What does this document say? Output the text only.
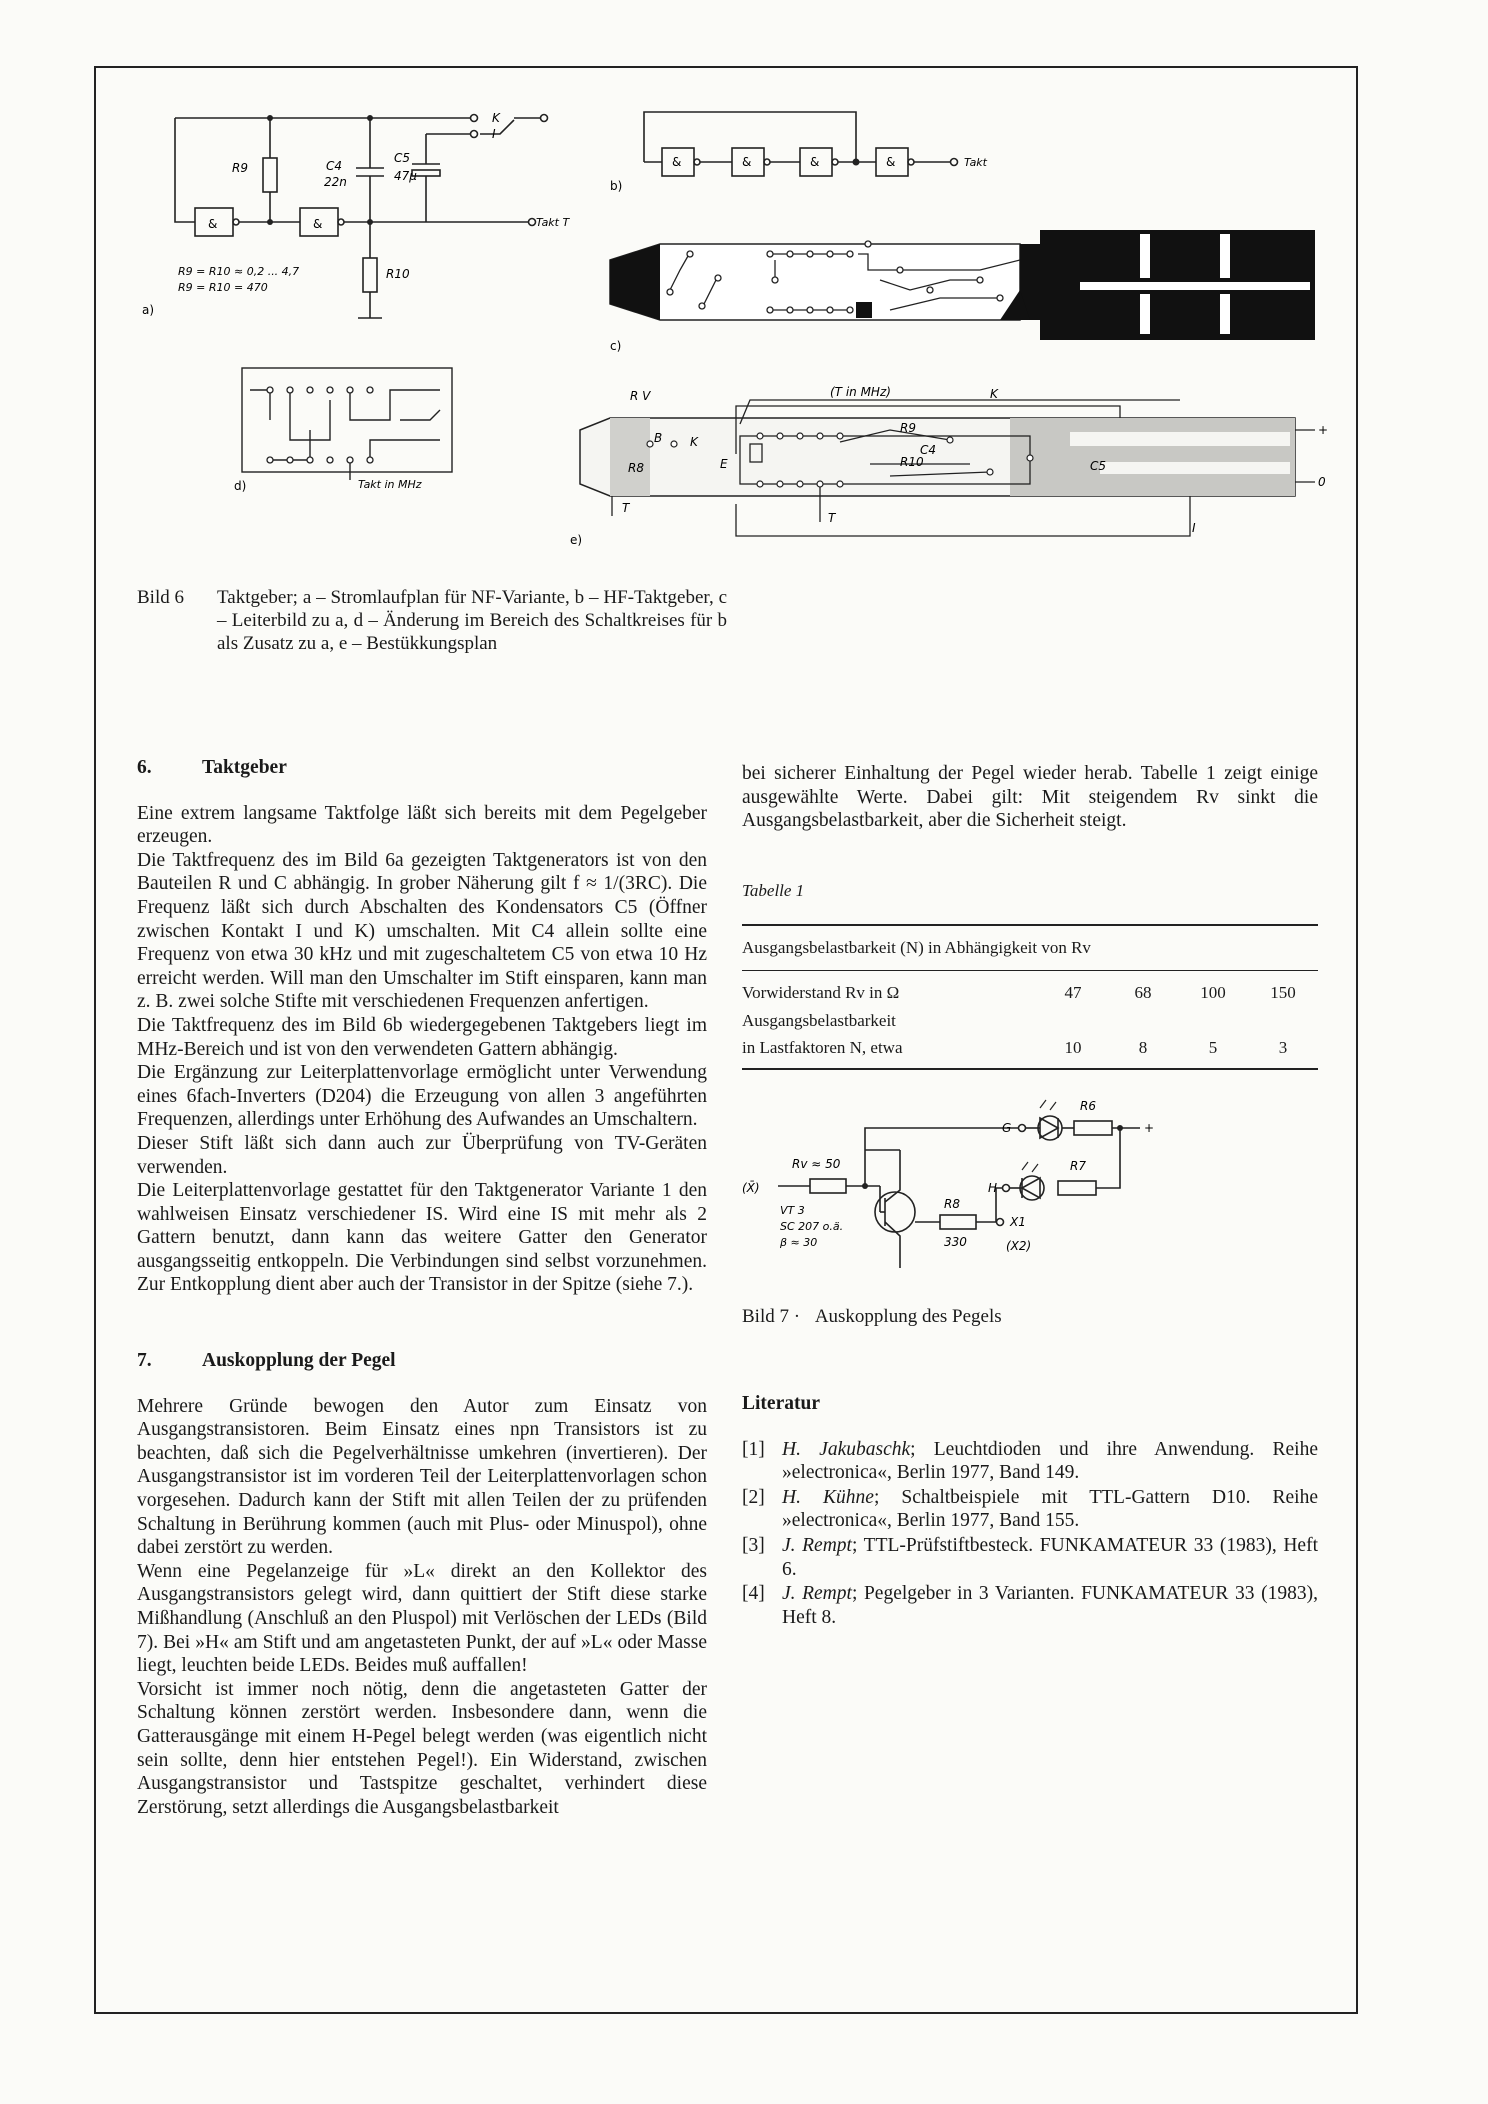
&	&
R9	C4
22n
C5
47µ
R10
K
I
Takt T
R9 = R10 ≈ 0,2 ... 4,7
R9 = R10 = 470
a)
&	&	&	&	Takt
b)
c)
Takt in MHz
d)
R V
B K
R8	E
T
(T in MHz)
R9
C4
R10	C5
K
+
0
I
T
e)
Bild 6 Taktgeber; a – Stromlaufplan für NF-Variante, b – HF-Taktgeber, c – Leiterbild zu a, d – Änderung im Bereich des Schaltkreises für b als Zusatz zu a, e – Bestükkungsplan

6.	Taktgeber

Eine extrem langsame Taktfolge läßt sich bereits mit dem Pegelgeber erzeugen.

Die Taktfrequenz des im Bild 6a gezeigten Taktgenerators ist von den Bauteilen R und C abhängig. In grober Näherung gilt f ≈ 1/(3RC). Die Frequenz läßt sich durch Abschalten des Kondensators C5 (Öffner zwischen Kontakt I und K) umschalten. Mit C4 allein sollte eine Frequenz von etwa 30 kHz und mit zugeschaltetem C5 von etwa 10 Hz erreicht werden. Will man den Umschalter im Stift einsparen, kann man z. B. zwei solche Stifte mit verschiedenen Frequenzen anfertigen.

Die Taktfrequenz des im Bild 6b wiedergegebenen Taktgebers liegt im MHz-Bereich und ist von den verwendeten Gattern abhängig.

Die Ergänzung zur Leiterplattenvorlage ermöglicht unter Verwendung eines 6fach-Inverters (D204) die Erzeugung von allen 3 angeführten Frequenzen, allerdings unter Erhöhung des Aufwandes an Umschaltern.

Dieser Stift läßt sich dann auch zur Überprüfung von TV-Geräten verwenden.

Die Leiterplattenvorlage gestattet für den Taktgenerator Variante 1 den wahlweisen Einsatz verschiedener IS. Wird eine IS mit mehr als 2 Gattern benutzt, dann kann das weitere Gatter den Generator ausgangsseitig entkoppeln. Die Verbindungen sind selbst vorzunehmen. Zur Entkopplung dient aber auch der Transistor in der Spitze (siehe 7.).

7.	Auskopplung der Pegel

Mehrere Gründe bewogen den Autor zum Einsatz von Ausgangstransistoren. Beim Einsatz eines npn Transistors ist zu beachten, daß sich die Pegelverhältnisse umkehren (invertieren). Der Ausgangstransistor ist im vorderen Teil der Leiterplattenvorlagen schon vorgesehen. Dadurch kann der Stift mit allen Teilen der zu prüfenden Schaltung in Berührung kommen (auch mit Plus- oder Minuspol), ohne dabei zerstört zu werden.

Wenn eine Pegelanzeige für »L« direkt an den Kollektor des Ausgangstransistors gelegt wird, dann quittiert der Stift diese starke Mißhandlung (Anschluß an den Pluspol) mit Verlöschen der LEDs (Bild 7). Bei »H« am Stift und am angetasteten Punkt, der auf »L« oder Masse liegt, leuchten beide LEDs. Beides muß auffallen!

Vorsicht ist immer noch nötig, denn die angetasteten Gatter der Schaltung können zerstört werden. Insbesondere dann, wenn die Gatterausgänge mit einem H-Pegel belegt werden (was eigentlich nicht sein sollte, denn hier entstehen Pegel!). Ein Widerstand, zwischen Ausgangstransistor und Tastspitze geschaltet, verhindert diese Zerstörung, setzt allerdings die Ausgangsbelastbarkeit

bei sicherer Einhaltung der Pegel wieder herab. Tabelle 1 zeigt einige ausgewählte Werte. Dabei gilt: Mit steigendem Rv sinkt die Ausgangsbelastbarkeit, aber die Sicherheit steigt.

Tabelle 1
Ausgangsbelastbarkeit (N) in Abhängigkeit von Rv				
Vorwiderstand Rv in Ω	47	68	100	150
Ausgangsbelastbarkeit				
in Lastfaktoren N, etwa	10	8	5	3
Rv ≈ 50
(X̄)
VT 3
SC 207 o.ä.
β ≈ 30
R8
330
X1
(X2)
G
H
R6
R7
+
Bild 7 · Auskopplung des Pegels
Literatur
[1] H. Jakubaschk; Leuchtdioden und ihre Anwendung. Reihe »electronica«, Berlin 1977, Band 149.
[2] H. Kühne; Schaltbeispiele mit TTL-Gattern D10. Reihe »electronica«, Berlin 1977, Band 155.
[3] J. Rempt; TTL-Prüfstiftbesteck. FUNKAMATEUR 33 (1983), Heft 6.
[4] J. Rempt; Pegelgeber in 3 Varianten. FUNKAMATEUR 33 (1983), Heft 8.
